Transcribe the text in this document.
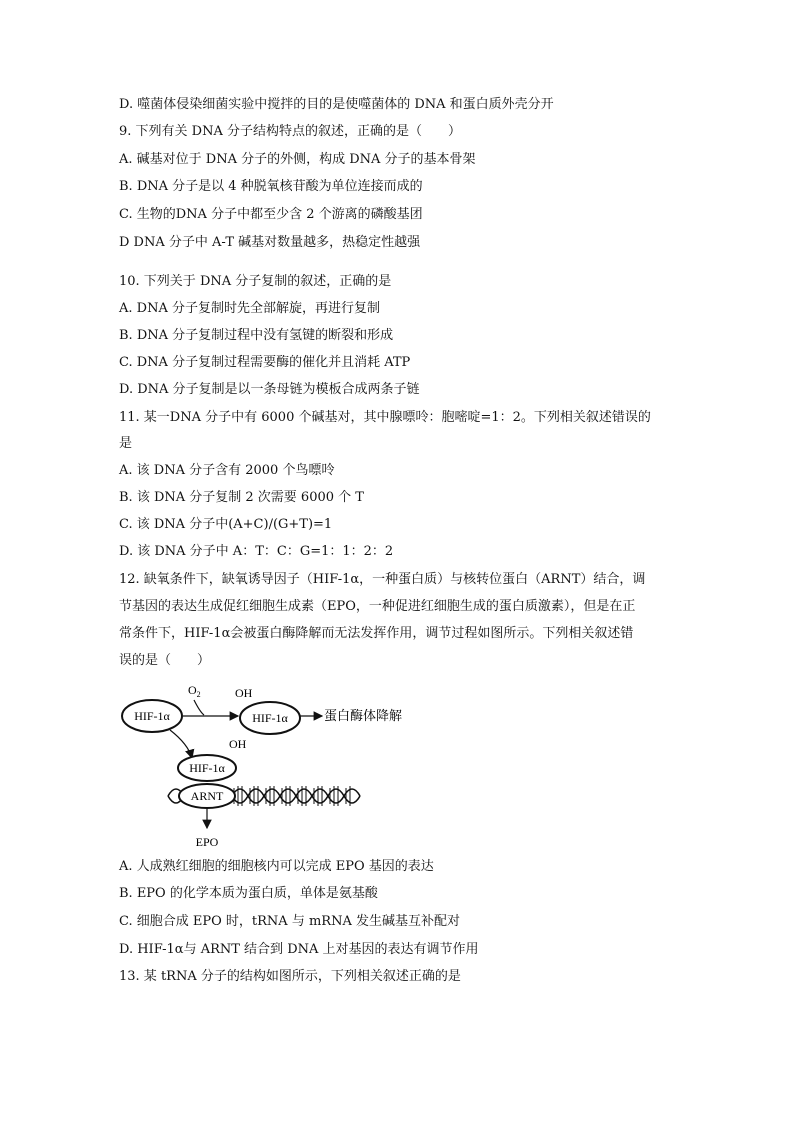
D. 噬菌体侵染细菌实验中搅拌的目的是使噬菌体的 DNA 和蛋白质外壳分开
9. 下列有关 DNA 分子结构特点的叙述，正确的是（　　）
A. 碱基对位于 DNA 分子的外侧，构成 DNA 分子的基本骨架
B. DNA 分子是以 4 种脱氧核苷酸为单位连接而成的
C. 生物的DNA 分子中都至少含 2 个游离的磷酸基团
D DNA 分子中 A-T 碱基对数量越多，热稳定性越强
10. 下列关于 DNA 分子复制的叙述，正确的是
A. DNA 分子复制时先全部解旋，再进行复制
B. DNA 分子复制过程中没有氢键的断裂和形成
C. DNA 分子复制过程需要酶的催化并且消耗 ATP
D. DNA 分子复制是以一条母链为模板合成两条子链
11. 某一DNA 分子中有 6000 个碱基对，其中腺嘌呤：胞嘧啶=1：2。下列相关叙述错误的
是
A. 该 DNA 分子含有 2000 个鸟嘌呤
B. 该 DNA 分子复制 2 次需要 6000 个 T
C. 该 DNA 分子中(A+C)/(G+T)=1
D. 该 DNA 分子中 A：T：C：G=1：1：2：2
12. 缺氧条件下，缺氧诱导因子（HIF-1α，一种蛋白质）与核转位蛋白（ARNT）结合，调
节基因的表达生成促红细胞生成素（EPO，一种促进红细胞生成的蛋白质激素），但是在正
常条件下，HIF-1α会被蛋白酶降解而无法发挥作用，调节过程如图所示。下列相关叙述错
误的是（　　）
HIF-1α
$O_2$
HIF-1α
OH
OH
蛋白酶体降解
HIF-1α
ARNT
EPO
A. 人成熟红细胞的细胞核内可以完成 EPO 基因的表达
B. EPO 的化学本质为蛋白质，单体是氨基酸
C. 细胞合成 EPO 时，tRNA 与 mRNA 发生碱基互补配对
D. HIF-1α与 ARNT 结合到 DNA 上对基因的表达有调节作用
13. 某 tRNA 分子的结构如图所示，下列相关叙述正确的是
